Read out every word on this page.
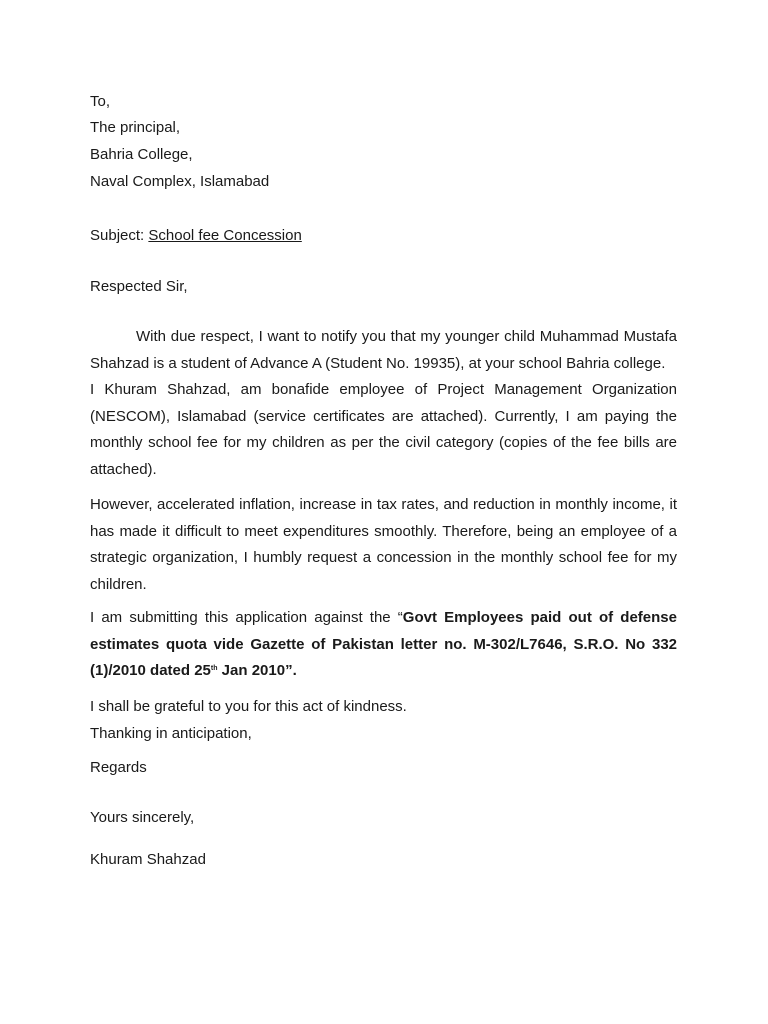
To,
The principal,
Bahria College,
Naval Complex, Islamabad
Subject: School fee Concession
Respected Sir,
With due respect, I want to notify you that my younger child Muhammad Mustafa Shahzad is a student of Advance A (Student No. 19935), at your school Bahria college.
I Khuram Shahzad, am bonafide employee of Project Management Organization (NESCOM), Islamabad (service certificates are attached). Currently, I am paying the monthly school fee for my children as per the civil category (copies of the fee bills are attached).
However, accelerated inflation, increase in tax rates, and reduction in monthly income, it has made it difficult to meet expenditures smoothly. Therefore, being an employee of a strategic organization, I humbly request a concession in the monthly school fee for my children.
I am submitting this application against the “Govt Employees paid out of defense estimates quota vide Gazette of Pakistan letter no. M-302/L7646, S.R.O. No 332 (1)/2010 dated 25th Jan 2010”.
I shall be grateful to you for this act of kindness.
Thanking in anticipation,
Regards
Yours sincerely,
Khuram Shahzad
